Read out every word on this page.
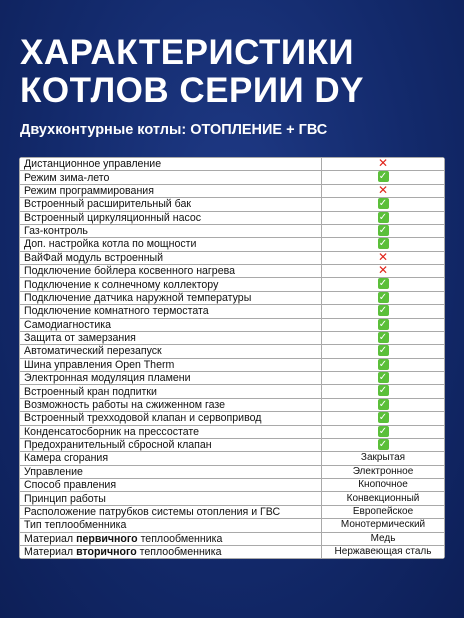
ХАРАКТЕРИСТИКИ
КОТЛОВ СЕРИИ DY
Двухконтурные котлы: ОТОПЛЕНИЕ + ГВС
Дистанционное управление	✕
Режим зима-лето	✓
Режим программирования	✕
Встроенный расширительный бак	✓
Встроенный циркуляционный насос	✓
Газ-контроль	✓
Доп. настройка котла по мощности	✓
ВайФай модуль встроенный	✕
Подключение бойлера косвенного нагрева	✕
Подключение к солнечному коллектору	✓
Подключение датчика наружной температуры	✓
Подключение комнатного термостата	✓
Самодиагностика	✓
Защита от замерзания	✓
Автоматический перезапуск	✓
Шина управления Open Therm	✓
Электронная модуляция пламени	✓
Встроенный кран подпитки	✓
Возможность работы на сжиженном газе	✓
Встроенный трехходовой клапан и сервопривод	✓
Конденсатосборник на прессостате	✓
Предохранительный сбросной клапан	✓
Камера сгорания	Закрытая
Управление	Электронное
Способ правления	Кнопочное
Принцип работы	Конвекционный
Расположение патрубков системы отопления и ГВС	Европейское
Тип теплообменника	Монотермический
Материал первичного теплообменника	Медь
Материал вторичного теплообменника	Нержавеющая сталь
